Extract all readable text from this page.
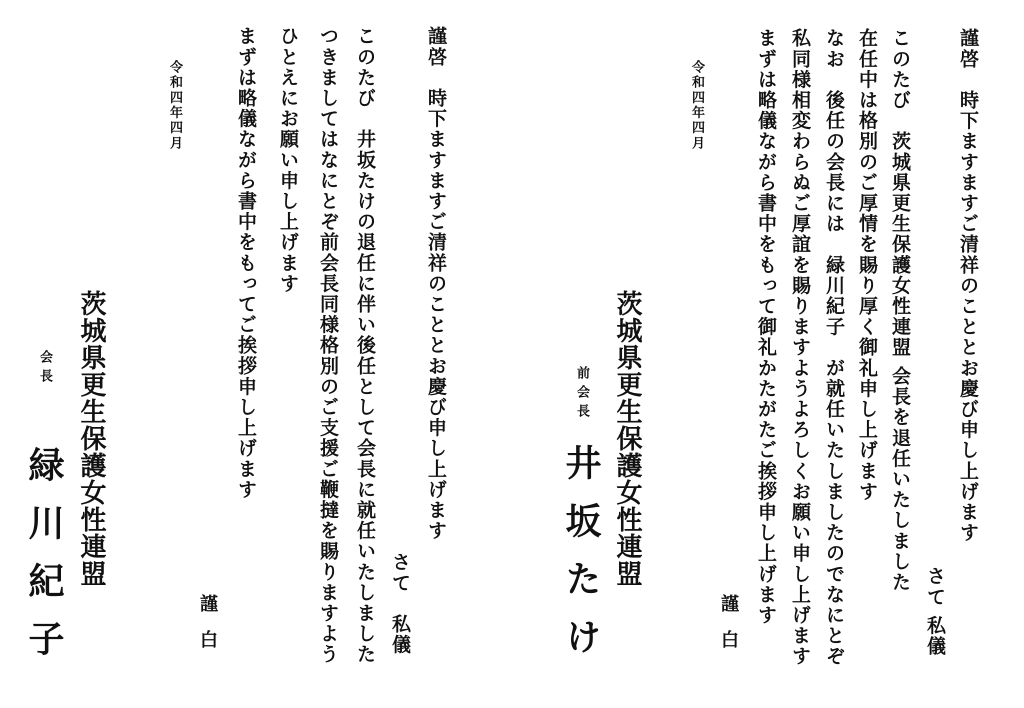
謹啓　時下ますますご清祥のこととお慶び申し上げます

さて 私儀

このたび　茨城県更生保護女性連盟 会長を退任いたしました

在任中は格別のご厚情を賜り厚く御礼申し上げます

なお　後任の会長には　緑川紀子　が就任いたしましたのでなにとぞ

私同様相変わらぬご厚誼を賜りますようよろしくお願い申し上げます

まずは略儀ながら書中をもって御礼かたがたご挨拶申し上げます

謹白

令和四年四月

茨城県更生保護女性連盟

前会長

井坂たけ

謹啓　時下ますますご清祥のこととお慶び申し上げます

さて　私儀

このたび　井坂たけの退任に伴い後任として会長に就任いたしました

つきましてはなにとぞ前会長同様格別のご支援ご鞭撻を賜りますよう

ひとえにお願い申し上げます

まずは略儀ながら書中をもってご挨拶申し上げます

謹白

令和四年四月

茨城県更生保護女性連盟

会長

緑川紀子
